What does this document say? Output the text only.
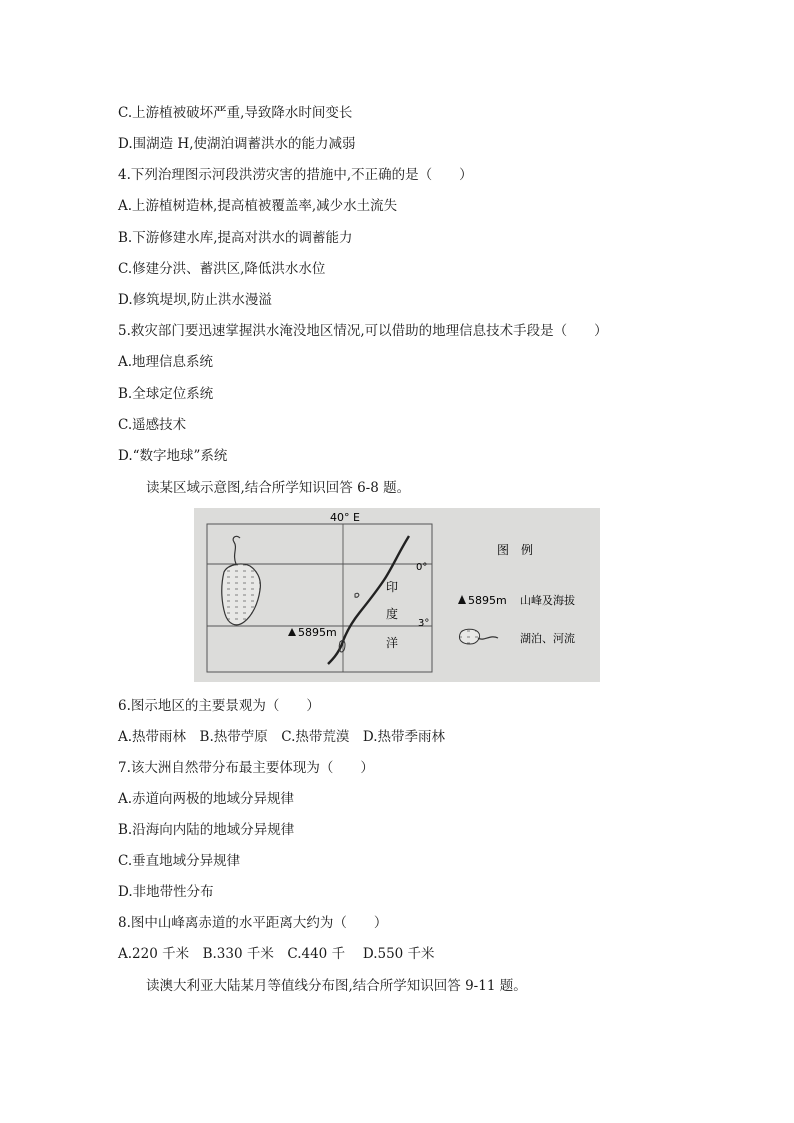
C.上游植被破坏严重,导致降水时间变长
D.围湖造 H,使湖泊调蓄洪水的能力减弱
4.下列治理图示河段洪涝灾害的措施中,不正确的是（　　）
A.上游植树造林,提高植被覆盖率,减少水土流失
B.下游修建水库,提高对洪水的调蓄能力
C.修建分洪、蓄洪区,降低洪水水位
D.修筑堤坝,防止洪水漫溢
5.救灾部门要迅速掌握洪水淹没地区情况,可以借助的地理信息技术手段是（　　）
A.地理信息系统
B.全球定位系统
C.遥感技术
D.“数字地球”系统
读某区域示意图,结合所学知识回答 6-8 题。
5895m
40° E
0°
3°
印
度
洋
图　例
5895m 山峰及海拔
湖泊、河流
6.图示地区的主要景观为（　　）
A.热带雨林　B.热带苧原　C.热带荒漠　D.热带季雨林
7.该大洲自然带分布最主要体现为（　　）
A.赤道向两极的地域分异规律
B.沿海向内陆的地域分异规律
C.垂直地域分异规律
D.非地带性分布
8.图中山峰离赤道的水平距离大约为（　　）
A.220 千米　B.330 千米　C.440 千　 D.550 千米
读澳大利亚大陆某月等值线分布图,结合所学知识回答 9-11 题。
